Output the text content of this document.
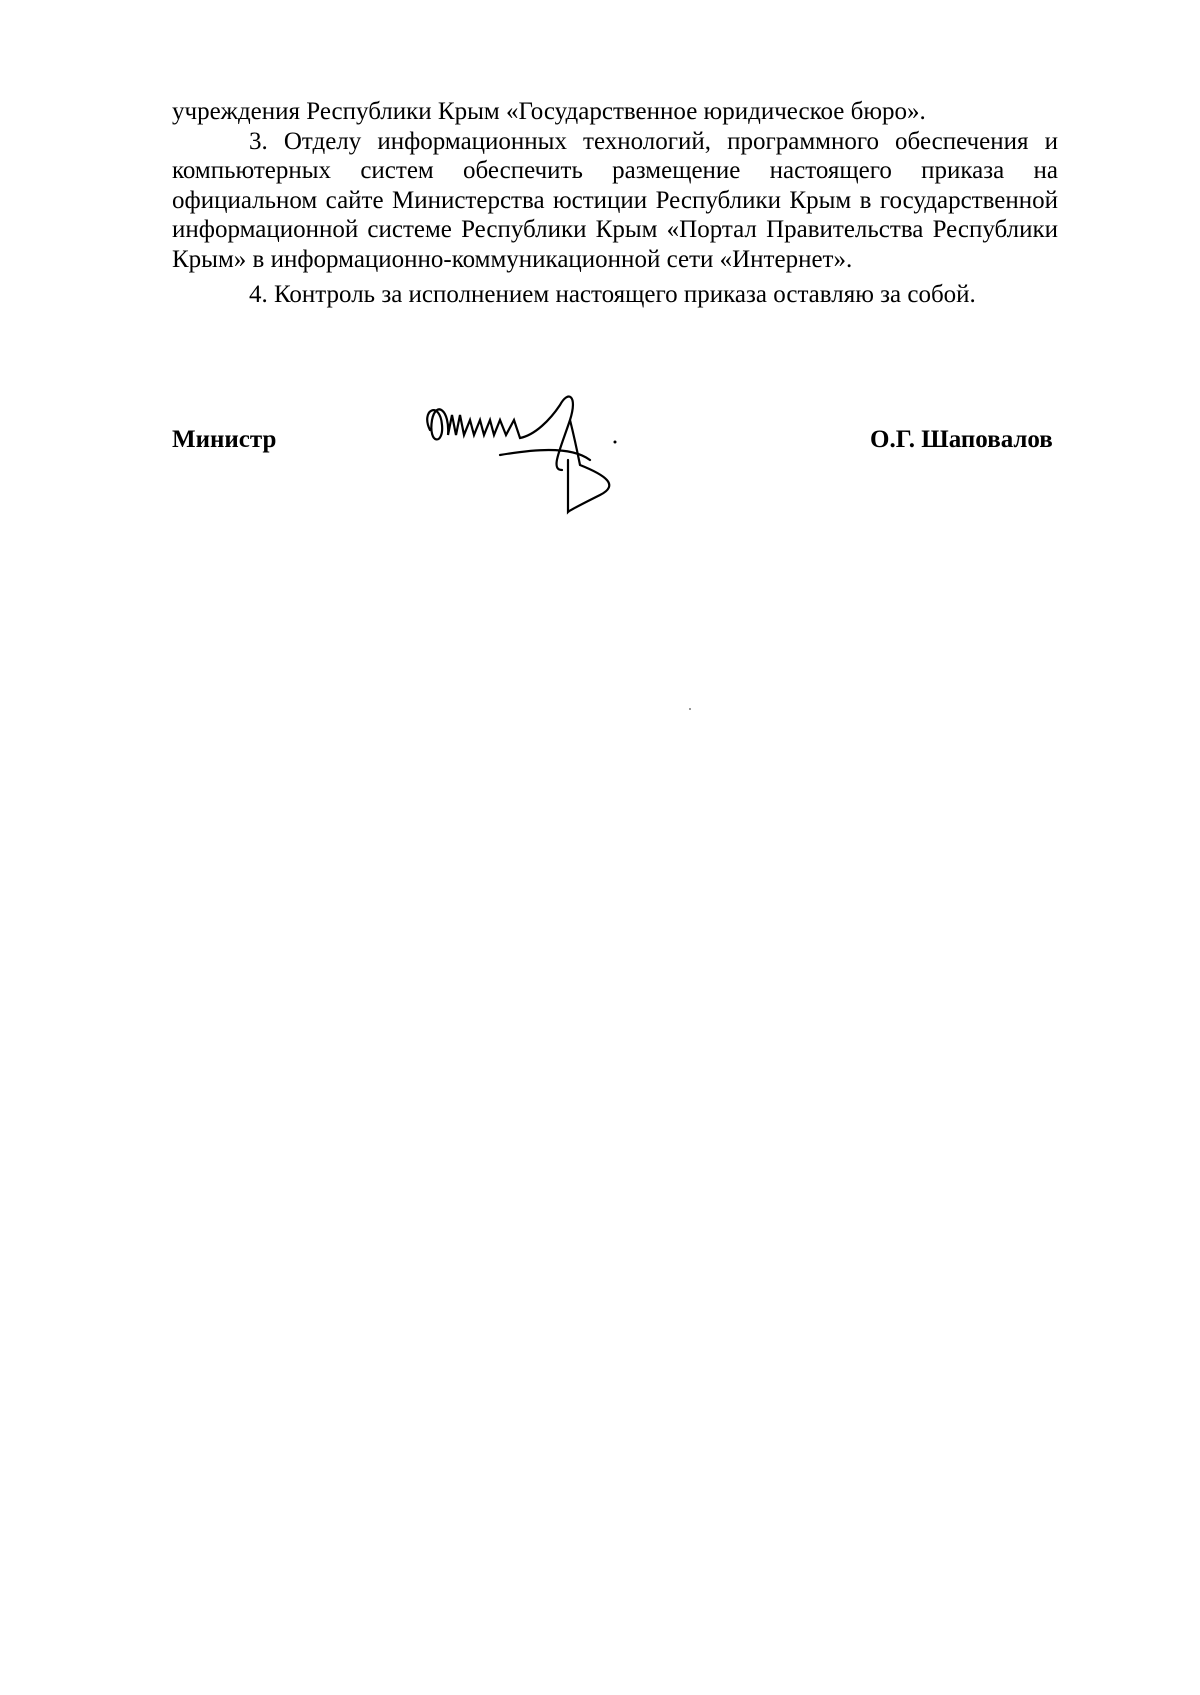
учреждения Республики Крым «Государственное юридическое бюро».

3. Отделу информационных технологий, программного обеспечения и компьютерных систем обеспечить размещение настоящего приказа на официальном сайте Министерства юстиции Республики Крым в государственной информационной системе Республики Крым «Портал Правительства Республики Крым» в информационно-коммуникационной сети «Интернет».

4. Контроль за исполнением настоящего приказа оставляю за собой.

Министр	О.Г. Шаповалов
